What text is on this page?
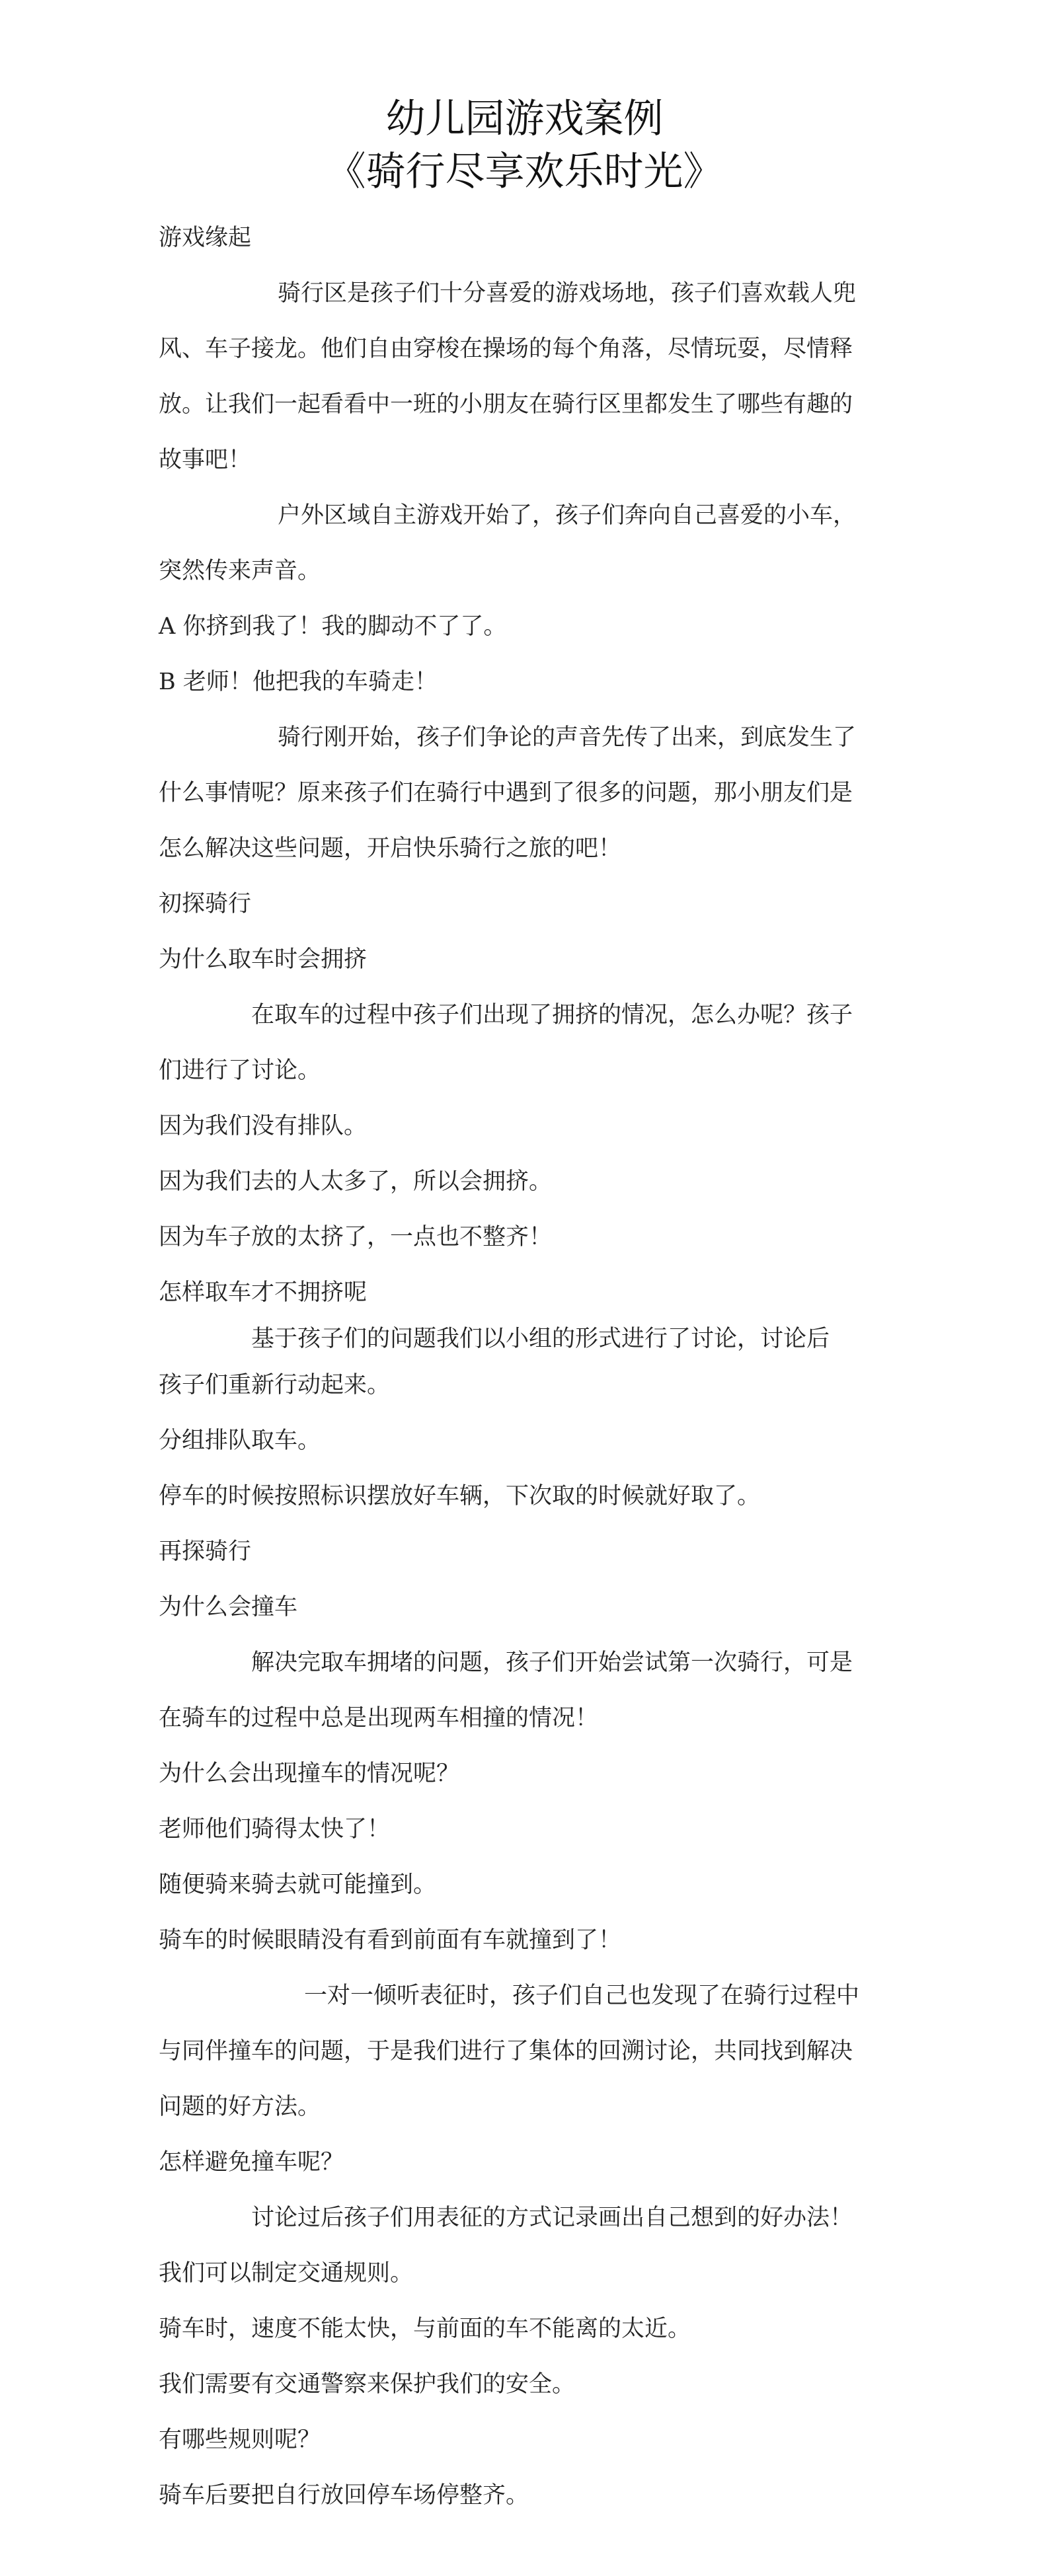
幼儿园游戏案例
《骑行尽享欢乐时光》
游戏缘起
骑行区是孩子们十分喜爱的游戏场地，孩子们喜欢载人兜
风、车子接龙。他们自由穿梭在操场的每个角落，尽情玩耍，尽情释
放。让我们一起看看中一班的小朋友在骑行区里都发生了哪些有趣的
故事吧！
户外区域自主游戏开始了，孩子们奔向自己喜爱的小车，
突然传来声音。
A 你挤到我了！我的脚动不了了。
B 老师！他把我的车骑走！
骑行刚开始，孩子们争论的声音先传了出来，到底发生了
什么事情呢？原来孩子们在骑行中遇到了很多的问题，那小朋友们是
怎么解决这些问题，开启快乐骑行之旅的吧！
初探骑行
为什么取车时会拥挤
在取车的过程中孩子们出现了拥挤的情况，怎么办呢？孩子
们进行了讨论。
因为我们没有排队。
因为我们去的人太多了，所以会拥挤。
因为车子放的太挤了，一点也不整齐！
怎样取车才不拥挤呢
基于孩子们的问题我们以小组的形式进行了讨论，讨论后
孩子们重新行动起来。
分组排队取车。
停车的时候按照标识摆放好车辆，下次取的时候就好取了。
再探骑行
为什么会撞车
解决完取车拥堵的问题，孩子们开始尝试第一次骑行，可是
在骑车的过程中总是出现两车相撞的情况！
为什么会出现撞车的情况呢？
老师他们骑得太快了！
随便骑来骑去就可能撞到。
骑车的时候眼睛没有看到前面有车就撞到了！
一对一倾听表征时，孩子们自己也发现了在骑行过程中
与同伴撞车的问题，于是我们进行了集体的回溯讨论，共同找到解决
问题的好方法。
怎样避免撞车呢？
讨论过后孩子们用表征的方式记录画出自己想到的好办法！
我们可以制定交通规则。
骑车时，速度不能太快，与前面的车不能离的太近。
我们需要有交通警察来保护我们的安全。
有哪些规则呢？
骑车后要把自行放回停车场停整齐。
